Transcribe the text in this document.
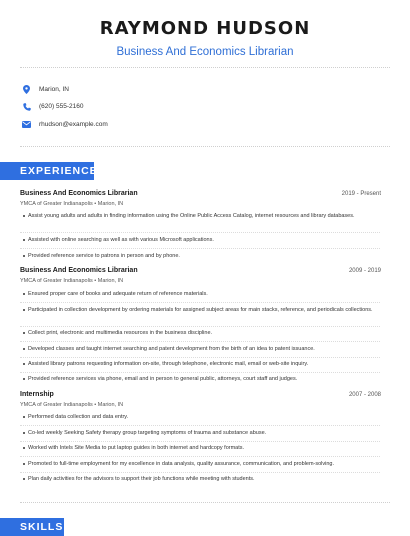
RAYMOND HUDSON
Business And Economics Librarian
Marion, IN
(620) 555-2160
rhudson@example.com
EXPERIENCE
Business And Economics Librarian	2019 - Present
YMCA of Greater Indianapolis • Marion, IN
Assist young adults and adults in finding information using the Online Public Access Catalog, internet resources and library databases.
Assisted with online searching as well as with various Microsoft applications.
Provided reference service to patrons in person and by phone.
Business And Economics Librarian	2009 - 2019
YMCA of Greater Indianapolis • Marion, IN
Ensured proper care of books and adequate return of reference materials.
Participated in collection development by ordering materials for assigned subject areas for main stacks, reference, and periodicals collections.
Collect print, electronic and multimedia resources in the business discipline.
Developed classes and taught internet searching and patent development from the birth of an idea to patent issuance.
Assisted library patrons requesting information on-site, through telephone, electronic mail, email or web-site inquiry.
Provided reference services via phone, email and in person to general public, attorneys, court staff and judges.
Internship	2007 - 2008
YMCA of Greater Indianapolis • Marion, IN
Performed data collection and data entry.
Co-led weekly Seeking Safety therapy group targeting symptoms of trauma and substance abuse.
Worked with Intels Site Media to put laptop guides in both internet and hardcopy formats.
Promoted to full-time employment for my excellence in data analysis, quality assurance, communication, and problem-solving.
Plan daily activities for the advisors to support their job functions while meeting with students.
SKILLS
